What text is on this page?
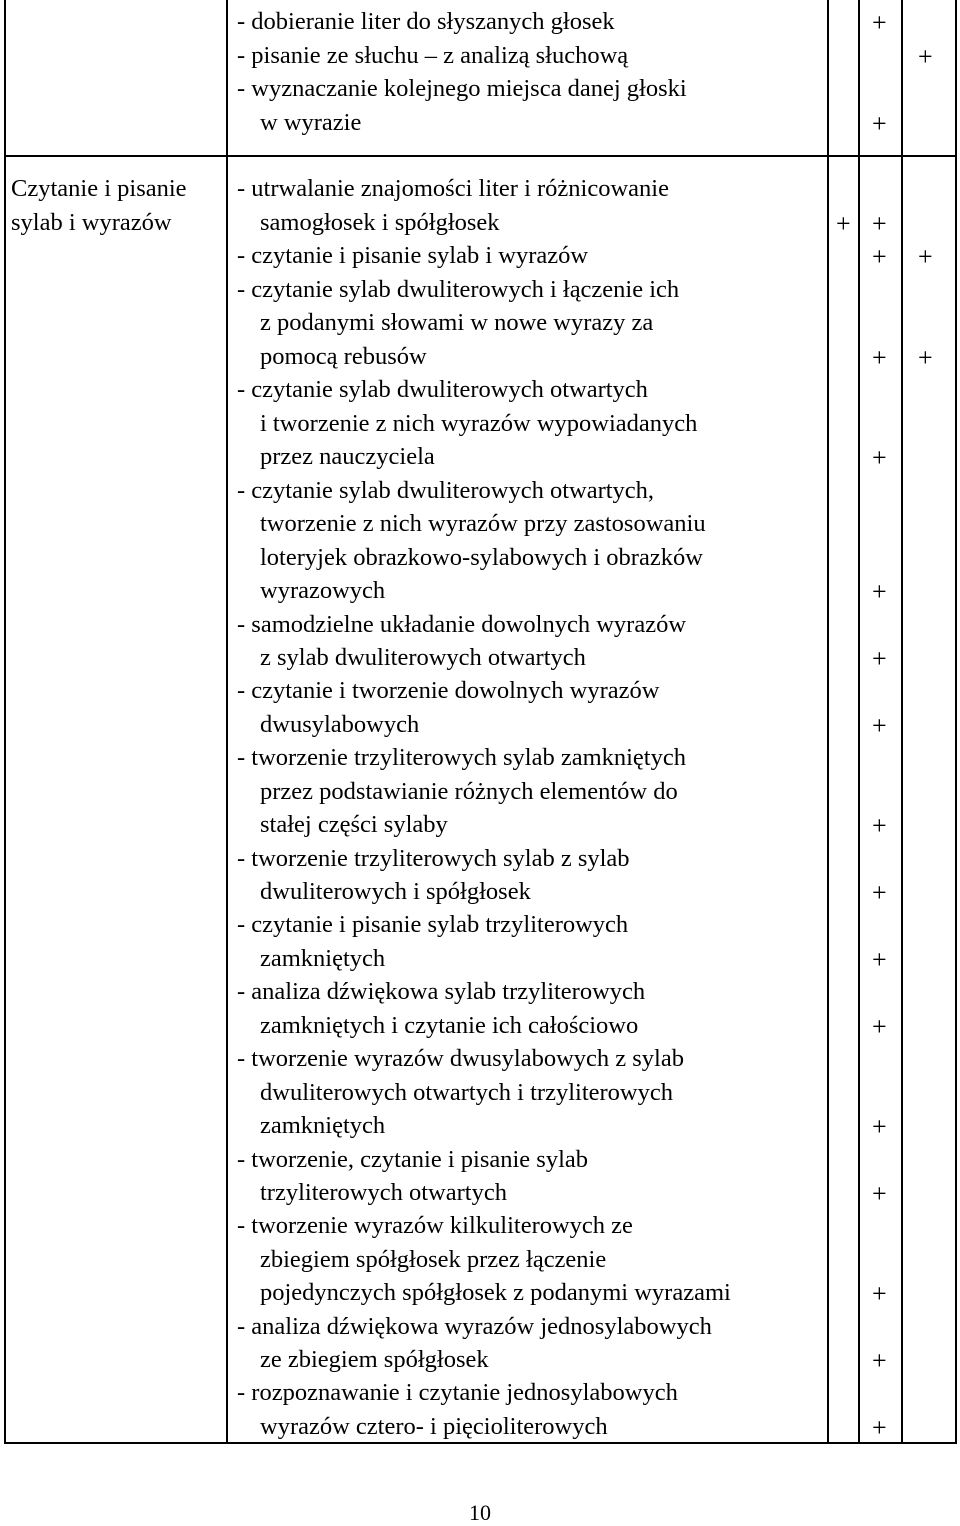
- dobieranie liter do słyszanych głosek
- pisanie ze słuchu – z analizą słuchową
- wyznaczanie kolejnego miejsca danej głoski
w wyrazie
+
+
+
Czytanie i pisanie
sylab i wyrazów
- utrwalanie znajomości liter i różnicowanie
- czytanie i pisanie sylab i wyrazów
- czytanie sylab dwuliterowych i łączenie ich
- czytanie sylab dwuliterowych otwartych
- czytanie sylab dwuliterowych otwartych,
- samodzielne układanie dowolnych wyrazów
- czytanie i tworzenie dowolnych wyrazów
- tworzenie trzyliterowych sylab zamkniętych
- tworzenie trzyliterowych sylab z sylab
- czytanie i pisanie sylab trzyliterowych
- analiza dźwiękowa sylab trzyliterowych
- tworzenie wyrazów dwusylabowych z sylab
- tworzenie, czytanie i pisanie sylab
- tworzenie wyrazów kilkuliterowych ze
- analiza dźwiękowa wyrazów jednosylabowych
- rozpoznawanie i czytanie jednosylabowych
samogłosek i spółgłosek
z podanymi słowami w nowe wyrazy za
pomocą rebusów
i tworzenie z nich wyrazów wypowiadanych
przez nauczyciela
tworzenie z nich wyrazów przy zastosowaniu
loteryjek obrazkowo-sylabowych i obrazków
wyrazowych
z sylab dwuliterowych otwartych
dwusylabowych
przez podstawianie różnych elementów do
stałej części sylaby
dwuliterowych i spółgłosek
zamkniętych
zamkniętych i czytanie ich całościowo
dwuliterowych otwartych i trzyliterowych
zamkniętych
trzyliterowych otwartych
zbiegiem spółgłosek przez łączenie
pojedynczych spółgłosek z podanymi wyrazami
ze zbiegiem spółgłosek
wyrazów cztero- i pięcioliterowych
+ +
+
+
+
+
+
+
+
+
+
+
+
+
+
+
+
+
+
10
